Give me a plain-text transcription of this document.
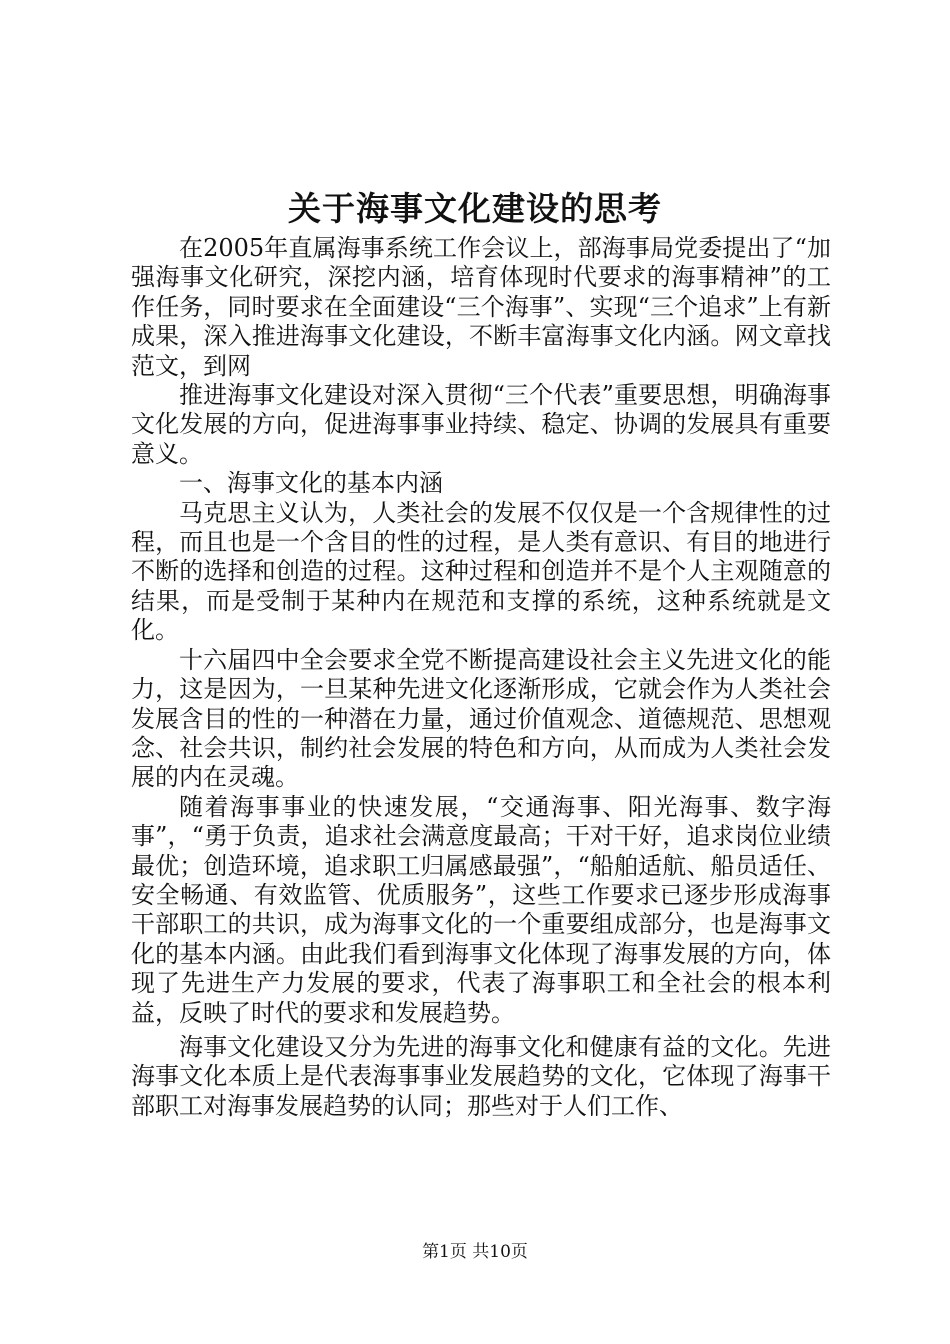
关于海事文化建设的思考

在2005年直属海事系统工作会议上，部海事局党委提出了“加强海事文化研究，深挖内涵，培育体现时代要求的海事精神”的工作任务，同时要求在全面建设“三个海事”、实现“三个追求”上有新成果，深入推进海事文化建设，不断丰富海事文化内涵。网文章找范文，到网

推进海事文化建设对深入贯彻“三个代表”重要思想，明确海事文化发展的方向，促进海事事业持续、稳定、协调的发展具有重要意义。

一、海事文化的基本内涵

马克思主义认为，人类社会的发展不仅仅是一个含规律性的过程，而且也是一个含目的性的过程，是人类有意识、有目的地进行不断的选择和创造的过程。这种过程和创造并不是个人主观随意的结果，而是受制于某种内在规范和支撑的系统，这种系统就是文化。

十六届四中全会要求全党不断提高建设社会主义先进文化的能力，这是因为，一旦某种先进文化逐渐形成，它就会作为人类社会发展含目的性的一种潜在力量，通过价值观念、道德规范、思想观念、社会共识，制约社会发展的特色和方向，从而成为人类社会发展的内在灵魂。

随着海事事业的快速发展，“交通海事、阳光海事、数字海事”，“勇于负责，追求社会满意度最高；干对干好，追求岗位业绩最优；创造环境，追求职工归属感最强”，“船舶适航、船员适任、安全畅通、有效监管、优质服务”，这些工作要求已逐步形成海事干部职工的共识，成为海事文化的一个重要组成部分，也是海事文化的基本内涵。由此我们看到海事文化体现了海事发展的方向，体现了先进生产力发展的要求，代表了海事职工和全社会的根本利益，反映了时代的要求和发展趋势。

海事文化建设又分为先进的海事文化和健康有益的文化。先进海事文化本质上是代表海事事业发展趋势的文化，它体现了海事干部职工对海事发展趋势的认同；那些对于人们工作、

第1页 共10页
